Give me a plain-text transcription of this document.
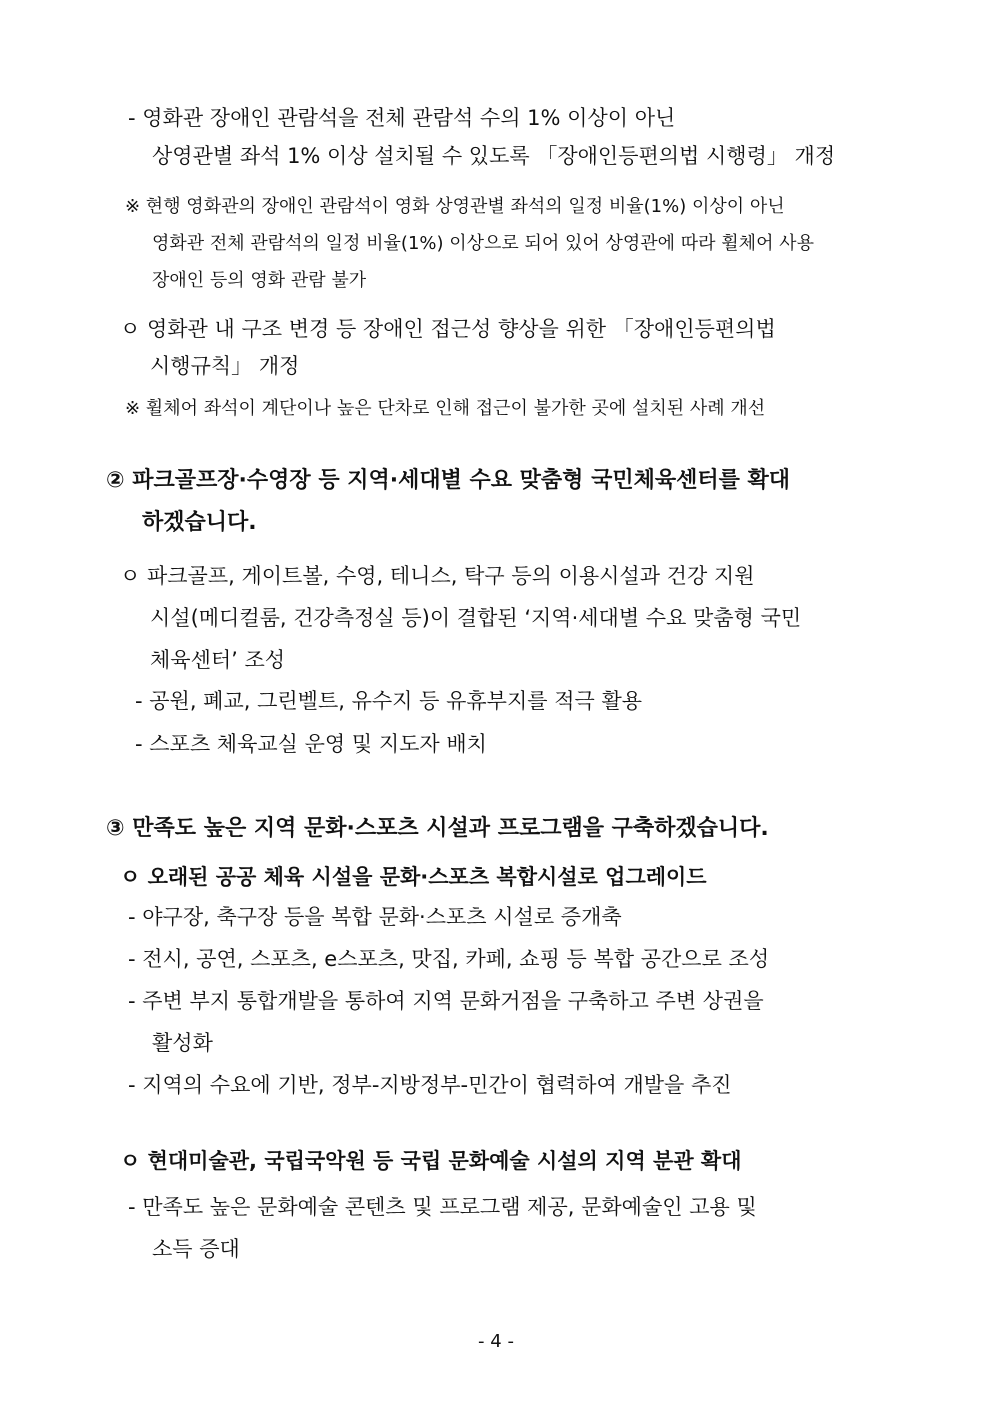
- 영화관 장애인 관람석을 전체 관람석 수의 1% 이상이 아닌
상영관별 좌석 1% 이상 설치될 수 있도록 「장애인등편의법 시행령」 개정
※ 현행 영화관의 장애인 관람석이 영화 상영관별 좌석의 일정 비율(1%) 이상이 아닌
영화관 전체 관람석의 일정 비율(1%) 이상으로 되어 있어 상영관에 따라 휠체어 사용
장애인 등의 영화 관람 불가
ㅇ 영화관 내 구조 변경 등 장애인 접근성 향상을 위한 「장애인등편의법
시행규칙」 개정
※ 휠체어 좌석이 계단이나 높은 단차로 인해 접근이 불가한 곳에 설치된 사례 개선
② 파크골프장·수영장 등 지역·세대별 수요 맞춤형 국민체육센터를 확대
하겠습니다.
ㅇ 파크골프, 게이트볼, 수영, 테니스, 탁구 등의 이용시설과 건강 지원
시설(메디컬룸, 건강측정실 등)이 결합된 ‘지역·세대별 수요 맞춤형 국민
체육센터’ 조성
- 공원, 폐교, 그린벨트, 유수지 등 유휴부지를 적극 활용
- 스포츠 체육교실 운영 및 지도자 배치
③ 만족도 높은 지역 문화·스포츠 시설과 프로그램을 구축하겠습니다.
ㅇ 오래된 공공 체육 시설을 문화·스포츠 복합시설로 업그레이드
- 야구장, 축구장 등을 복합 문화·스포츠 시설로 증개축
- 전시, 공연, 스포츠, e스포츠, 맛집, 카페, 쇼핑 등 복합 공간으로 조성
- 주변 부지 통합개발을 통하여 지역 문화거점을 구축하고 주변 상권을
활성화
- 지역의 수요에 기반, 정부-지방정부-민간이 협력하여 개발을 추진
ㅇ 현대미술관, 국립국악원 등 국립 문화예술 시설의 지역 분관 확대
- 만족도 높은 문화예술 콘텐츠 및 프로그램 제공, 문화예술인 고용 및
소득 증대
- 4 -
